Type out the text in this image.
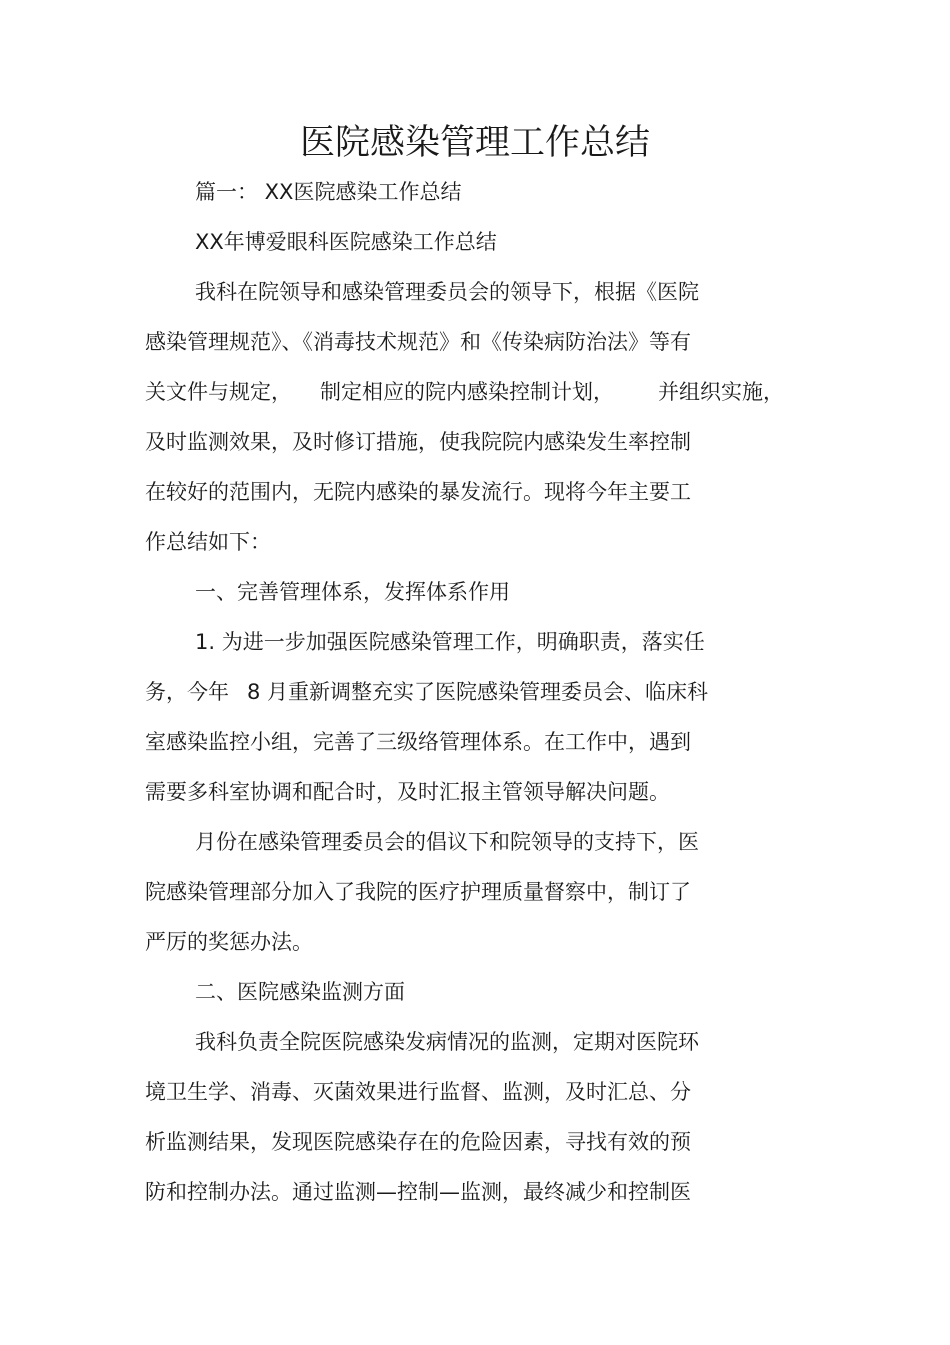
医院感染管理工作总结

篇一： XX医院感染工作总结

XX年博爱眼科医院感染工作总结

我科在院领导和感染管理委员会的领导下，根据《医院

感染管理规范》、《消毒技术规范》和《传染病防治法》等有

关文件与规定， 制定相应的院内感染控制计划， 并组织实施，

及时监测效果，及时修订措施，使我院院内感染发生率控制

在较好的范围内，无院内感染的暴发流行。现将今年主要工

作总结如下：

一、完善管理体系，发挥体系作用

1. 为进一步加强医院感染管理工作，明确职责，落实任

务，今年 8 月重新调整充实了医院感染管理委员会、临床科

室感染监控小组，完善了三级络管理体系。在工作中，遇到

需要多科室协调和配合时，及时汇报主管领导解决问题。

月份在感染管理委员会的倡议下和院领导的支持下，医

院感染管理部分加入了我院的医疗护理质量督察中，制订了

严厉的奖惩办法。

二、医院感染监测方面

我科负责全院医院感染发病情况的监测，定期对医院环

境卫生学、消毒、灭菌效果进行监督、监测，及时汇总、分

析监测结果，发现医院感染存在的危险因素，寻找有效的预

防和控制办法。通过监测—控制—监测，最终减少和控制医
